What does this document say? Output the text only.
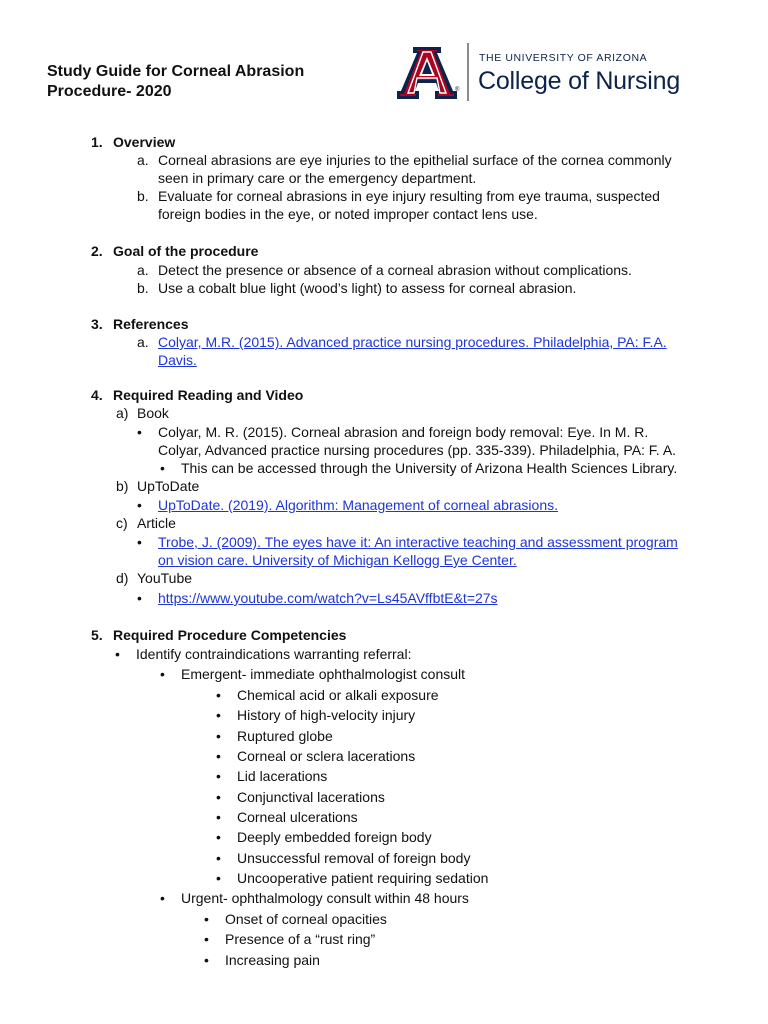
Study Guide for Corneal Abrasion
Procedure- 2020	®
THE UNIVERSITY OF ARIZONA
College of Nursing
1. Overview
a. Corneal abrasions are eye injuries to the epithelial surface of the cornea commonly
seen in primary care or the emergency department.
b. Evaluate for corneal abrasions in eye injury resulting from eye trauma, suspected
foreign bodies in the eye, or noted improper contact lens use.
2. Goal of the procedure
a. Detect the presence or absence of a corneal abrasion without complications.
b. Use a cobalt blue light (wood’s light) to assess for corneal abrasion.
3. References
a. Colyar, M.R. (2015). Advanced practice nursing procedures. Philadelphia, PA: F.A.
Davis.
4. Required Reading and Video
a) Book
• Colyar, M. R. (2015). Corneal abrasion and foreign body removal: Eye. In M. R.
Colyar, Advanced practice nursing procedures (pp. 335-339). Philadelphia, PA: F. A.
• This can be accessed through the University of Arizona Health Sciences Library.
b) UpToDate
• UpToDate. (2019). Algorithm: Management of corneal abrasions.
c) Article
• Trobe, J. (2009). The eyes have it: An interactive teaching and assessment program
on vision care. University of Michigan Kellogg Eye Center.
d) YouTube
• https://www.youtube.com/watch?v=Ls45AVffbtE&t=27s
5. Required Procedure Competencies
• Identify contraindications warranting referral:
• Emergent- immediate ophthalmologist consult
• Chemical acid or alkali exposure
• History of high-velocity injury
• Ruptured globe
• Corneal or sclera lacerations
• Lid lacerations
• Conjunctival lacerations
• Corneal ulcerations
• Deeply embedded foreign body
• Unsuccessful removal of foreign body
• Uncooperative patient requiring sedation
• Urgent- ophthalmology consult within 48 hours
• Onset of corneal opacities
• Presence of a “rust ring”
• Increasing pain
